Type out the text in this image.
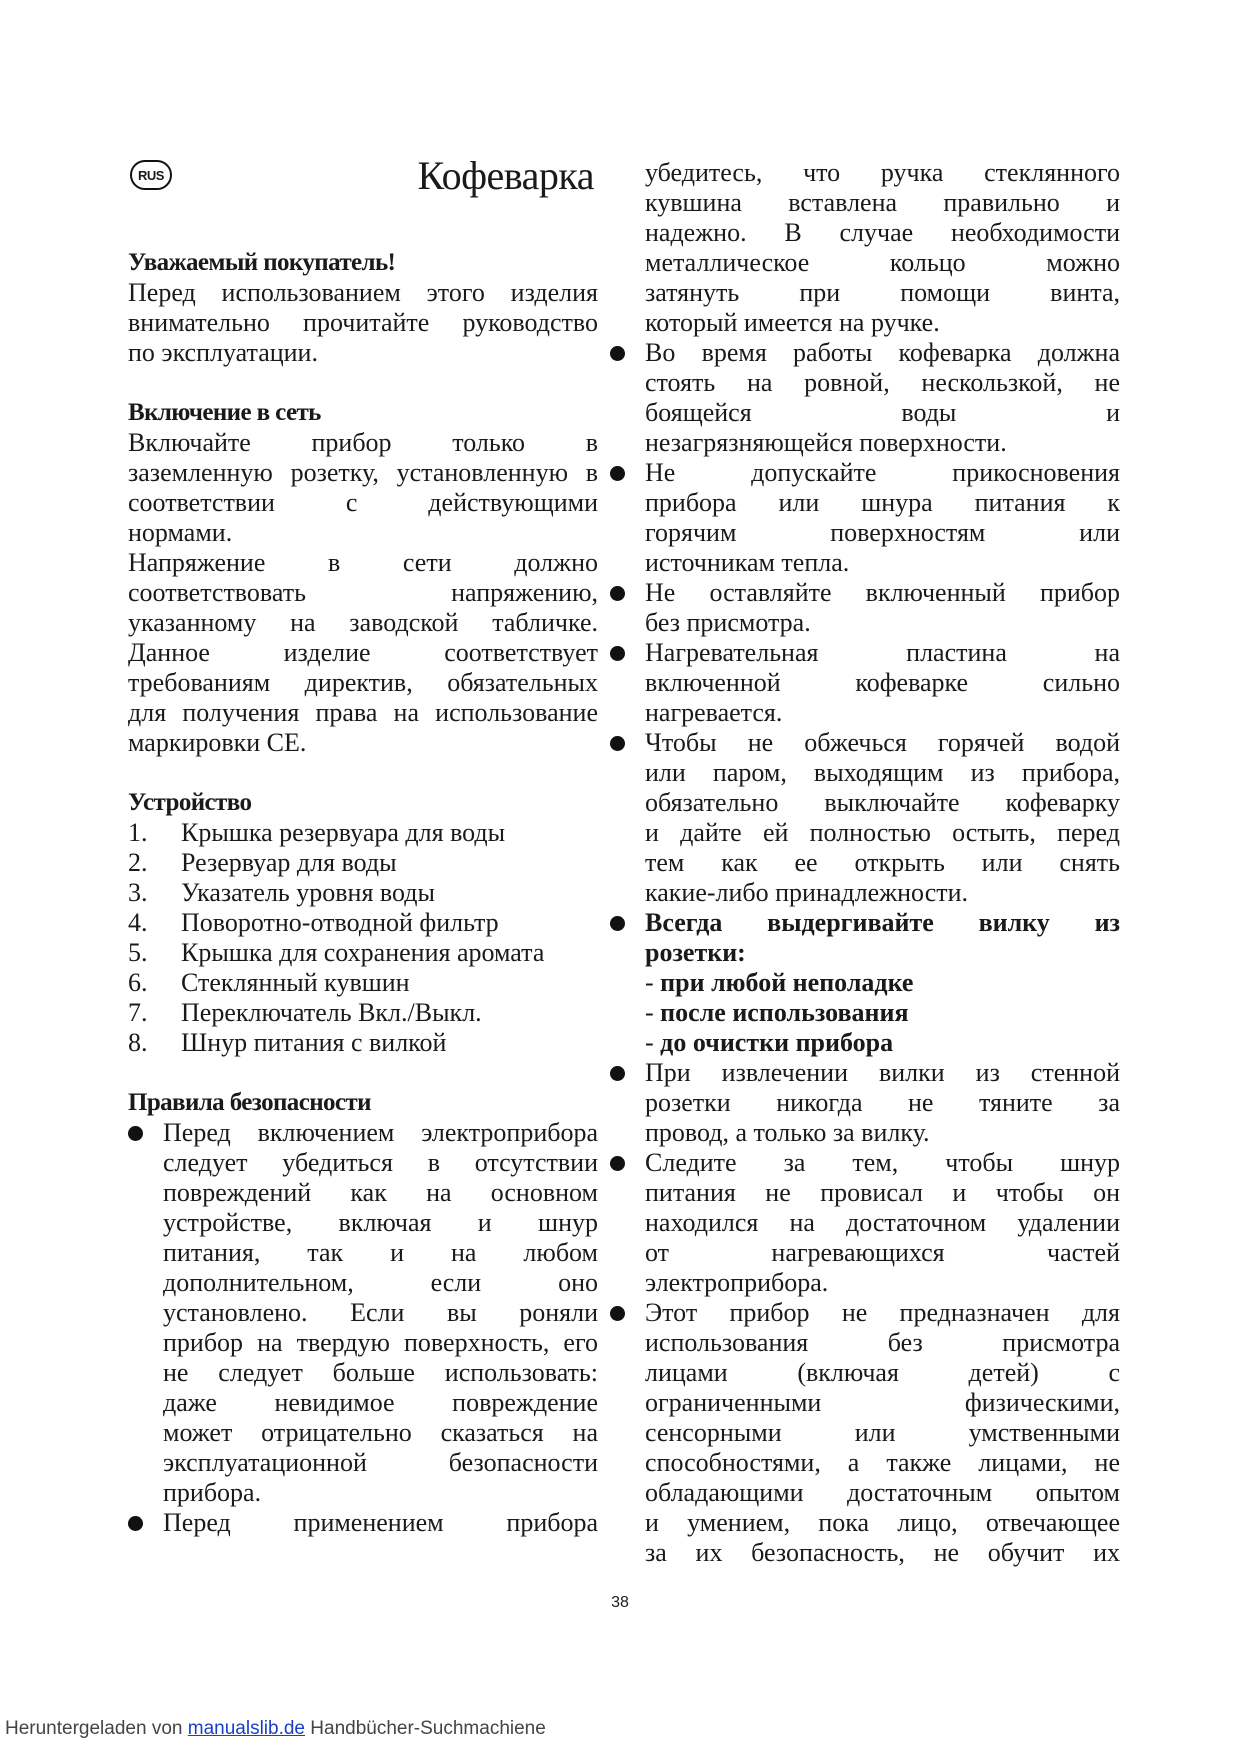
RUS	Кофеварка
Уважаемый покупатель!
Перед использованием этого изделия
внимательно прочитайте руководство
по эксплуатации.
Включение в сеть
Включайте прибор только в
заземленную розетку, установленную в
соответствии с действующими
нормами.
Напряжение в сети должно
соответствовать напряжению,
указанному на заводской табличке.
Данное изделие соответствует
требованиям директив, обязательных
для получения права на использование
маркировки CE.
Устройство
1. Крышка резервуара для воды
2. Резервуар для воды
3. Указатель уровня воды
4. Поворотно-отводной фильтр
5. Крышка для сохранения аромата
6. Стеклянный кувшин
7. Переключатель Вкл./Выкл.
8. Шнур питания с вилкой
Правила безопасности
Перед включением электроприбора
следует убедиться в отсутствии
повреждений как на основном
устройстве, включая и шнур
питания, так и на любом
дополнительном, если оно
установлено. Если вы роняли
прибор на твердую поверхность, его
не следует больше использовать:
даже невидимое повреждение
может отрицательно сказаться на
эксплуатационной безопасности
прибора.
Перед применением прибора
убедитесь, что ручка стеклянного
кувшина вставлена правильно и
надежно. В случае необходимости
металлическое кольцо можно
затянуть при помощи винта,
который имеется на ручке.
Во время работы кофеварка должна
стоять на ровной, нескользкой, не
боящейся воды и
незагрязняющейся поверхности.
Не допускайте прикосновения
прибора или шнура питания к
горячим поверхностям или
источникам тепла.
Не оставляйте включенный прибор
без присмотра.
Нагревательная пластина на
включенной кофеварке сильно
нагревается.
Чтобы не обжечься горячей водой
или паром, выходящим из прибора,
обязательно выключайте кофеварку
и дайте ей полностью остыть, перед
тем как ее открыть или снять
какие-либо принадлежности.
Всегда выдергивайте вилку из
розетки:
- при любой неполадке
- после использования
- до очистки прибора
При извлечении вилки из стенной
розетки никогда не тяните за
провод, а только за вилку.
Следите за тем, чтобы шнур
питания не провисал и чтобы он
находился на достаточном удалении
от нагревающихся частей
электроприбора.
Этот прибор не предназначен для
использования без присмотра
лицами (включая детей) с
ограниченными физическими,
сенсорными или умственными
способностями, а также лицами, не
обладающими достаточным опытом
и умением, пока лицо, отвечающее
за их безопасность, не обучит их
38
Heruntergeladen von manualslib.de Handbücher-Suchmachiene
